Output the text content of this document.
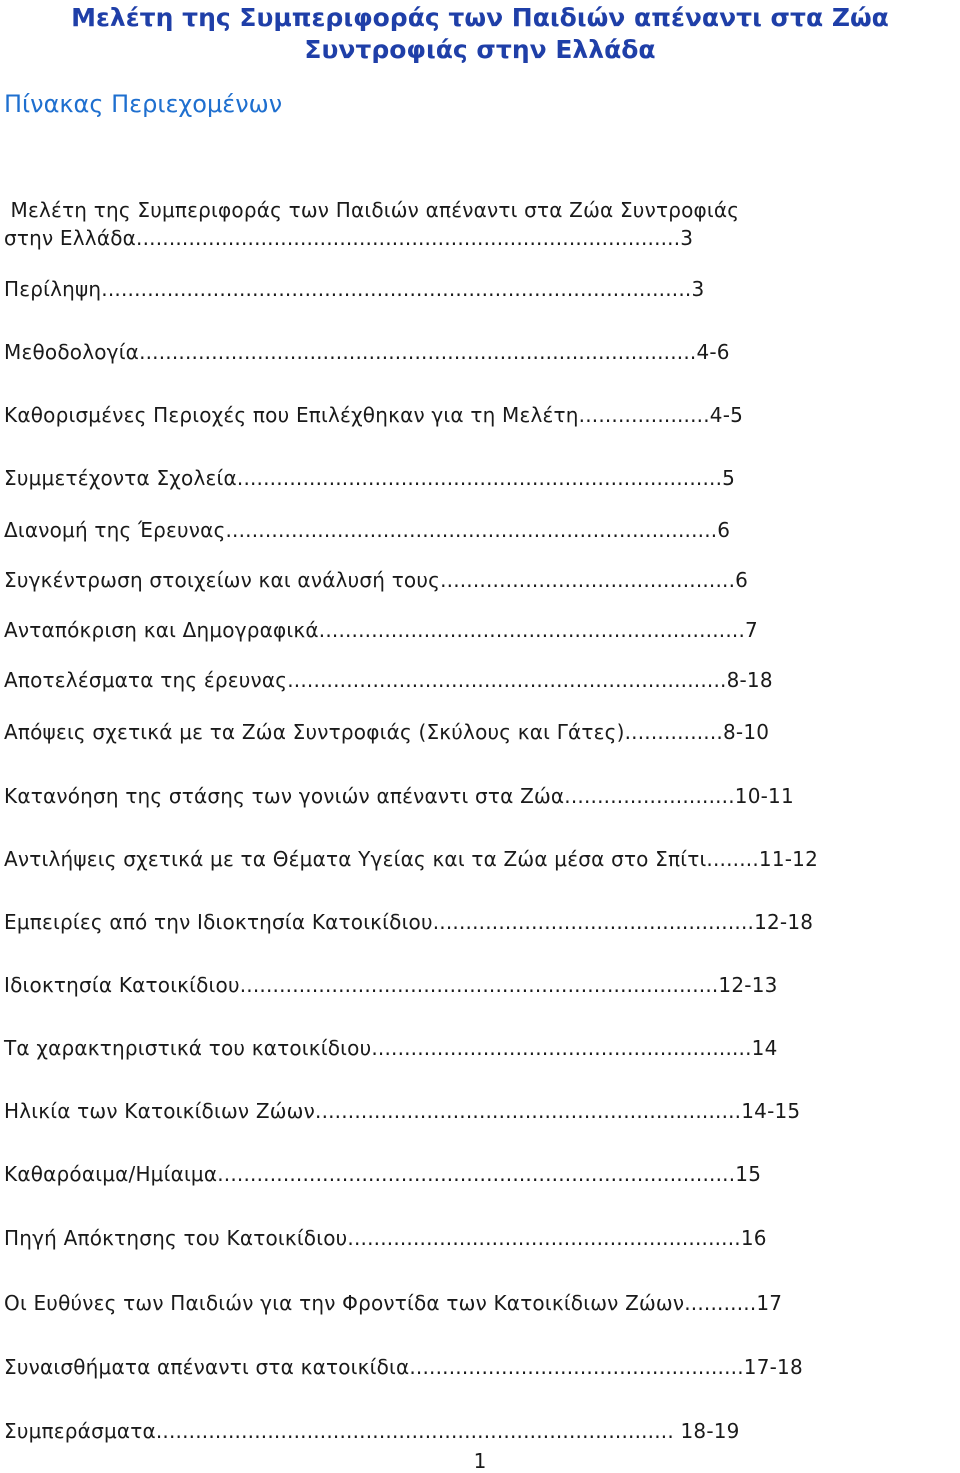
Μελέτη της Συμπεριφοράς των Παιδιών απέναντι στα Ζώα
Συντροφιάς στην Ελλάδα
Πίνακας Περιεχομένων
Μελέτη της Συμπεριφοράς των Παιδιών απέναντι στα Ζώα Συντροφιάς
στην Ελλάδα...................................................................................3
Περίληψη..........................................................................................3
Μεθοδολογία.....................................................................................4-6
Καθορισμένες Περιοχές που Επιλέχθηκαν για τη Μελέτη....................4-5
Συμμετέχοντα Σχολεία..........................................................................5
Διανομή της Έρευνας...........................................................................6
Συγκέντρωση στοιχείων και ανάλυσή τους.............................................6
Ανταπόκριση και Δημογραφικά.................................................................7
Αποτελέσματα της έρευνας...................................................................8-18
Απόψεις σχετικά με τα Ζώα Συντροφιάς (Σκύλους και Γάτες)...............8-10
Κατανόηση της στάσης των γονιών απέναντι στα Ζώα..........................10-11
Αντιλήψεις σχετικά με τα Θέματα Υγείας και τα Ζώα μέσα στο Σπίτι........11-12
Εμπειρίες από την Ιδιοκτησία Κατοικίδιου.................................................12-18
Ιδιοκτησία Κατοικίδιου.........................................................................12-13
Τα χαρακτηριστικά του κατοικίδιου..........................................................14
Ηλικία των Κατοικίδιων Ζώων.................................................................14-15
Καθαρόαιμα/Ημίαιμα...............................................................................15
Πηγή Απόκτησης του Κατοικίδιου............................................................16
Οι Ευθύνες των Παιδιών για την Φροντίδα των Κατοικίδιων Ζώων...........17
Συναισθήματα απέναντι στα κατοικίδια...................................................17-18
Συμπεράσματα............................................................................... 18-19
1
